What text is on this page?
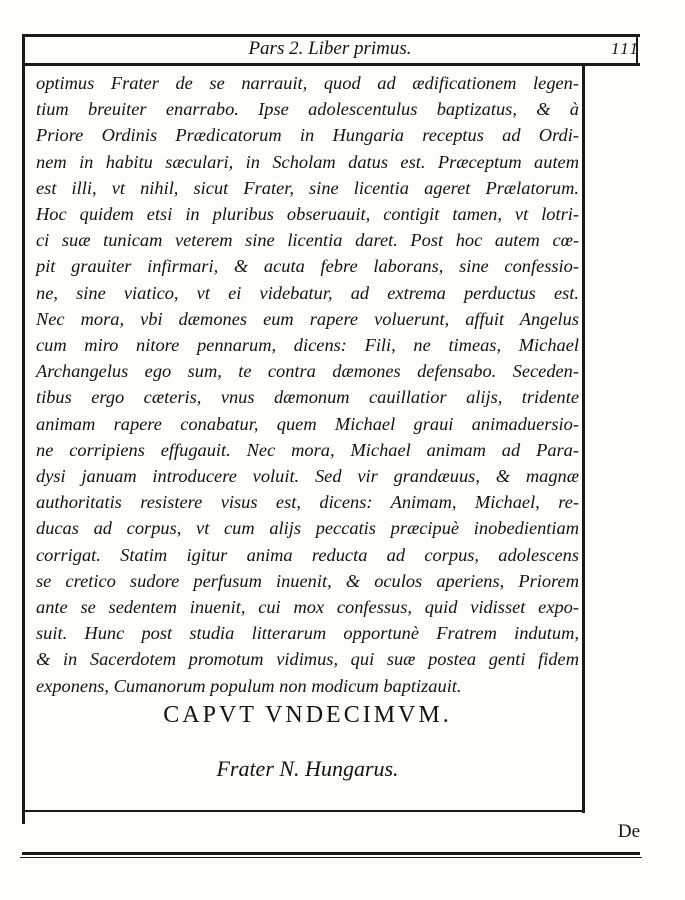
Pars 2. Liber primus.	111
optimus Frater de se narrauit, quod ad ædificationem legen-
tium breuiter enarrabo. Ipse adolescentulus baptizatus, & à
Priore Ordinis Prædicatorum in Hungaria receptus ad Ordi-
nem in habitu sæculari, in Scholam datus est. Præceptum autem
est illi, vt nihil, sicut Frater, sine licentia ageret Prælatorum.
Hoc quidem etsi in pluribus obseruauit, contigit tamen, vt lotri-
ci suæ tunicam veterem sine licentia daret. Post hoc autem cœ-
pit grauiter infirmari, & acuta febre laborans, sine confessio-
ne, sine viatico, vt ei videbatur, ad extrema perductus est.
Nec mora, vbi dæmones eum rapere voluerunt, affuit Angelus
cum miro nitore pennarum, dicens: Fili, ne timeas, Michael
Archangelus ego sum, te contra dæmones defensabo. Seceden-
tibus ergo cæteris, vnus dæmonum cauillatior alijs, tridente
animam rapere conabatur, quem Michael graui animaduersio-
ne corripiens effugauit. Nec mora, Michael animam ad Para-
dysi januam introducere voluit. Sed vir grandæuus, & magnæ
authoritatis resistere visus est, dicens: Animam, Michael, re-
ducas ad corpus, vt cum alijs peccatis præcipuè inobedientiam
corrigat. Statim igitur anima reducta ad corpus, adolescens
se cretico sudore perfusum inuenit, & oculos aperiens, Priorem
ante se sedentem inuenit, cui mox confessus, quid vidisset expo-
suit. Hunc post studia litterarum opportunè Fratrem indutum,
& in Sacerdotem promotum vidimus, qui suæ postea genti fidem
exponens, Cumanorum populum non modicum baptizauit.
CAPVT VNDECIMVM.
Frater N. Hungarus.
De
